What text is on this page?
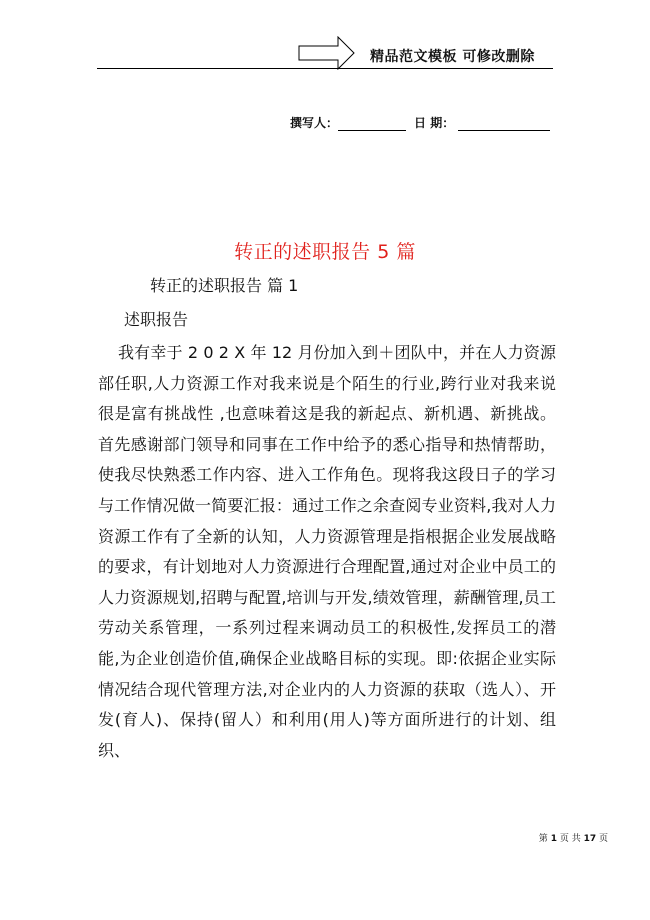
精品范文模板 可修改删除
撰写人：	日 期：
转正的述职报告 5 篇
转正的述职报告 篇 1
述职报告

我有幸于 2 0 2 X 年 12 月份加入到＋团队中，并在人力资源部任职,人力资源工作对我来说是个陌生的行业,跨行业对我来说很是富有挑战性 ,也意味着这是我的新起点、新机遇、新挑战。首先感谢部门领导和同事在工作中给予的悉心指导和热情帮助，使我尽快熟悉工作内容、进入工作角色。现将我这段日子的学习与工作情况做一简要汇报：通过工作之余查阅专业资料,我对人力资源工作有了全新的认知，人力资源管理是指根据企业发展战略的要求，有计划地对人力资源进行合理配置,通过对企业中员工的人力资源规划,招聘与配置,培训与开发,绩效管理，薪酬管理,员工劳动关系管理，一系列过程来调动员工的积极性,发挥员工的潜能,为企业创造价值,确保企业战略目标的实现。即:依据企业实际情况结合现代管理方法,对企业内的人力资源的获取（选人）、开发(育人)、保持(留人）和利用(用人)等方面所进行的计划、组织、

第 1 页 共 17 页
